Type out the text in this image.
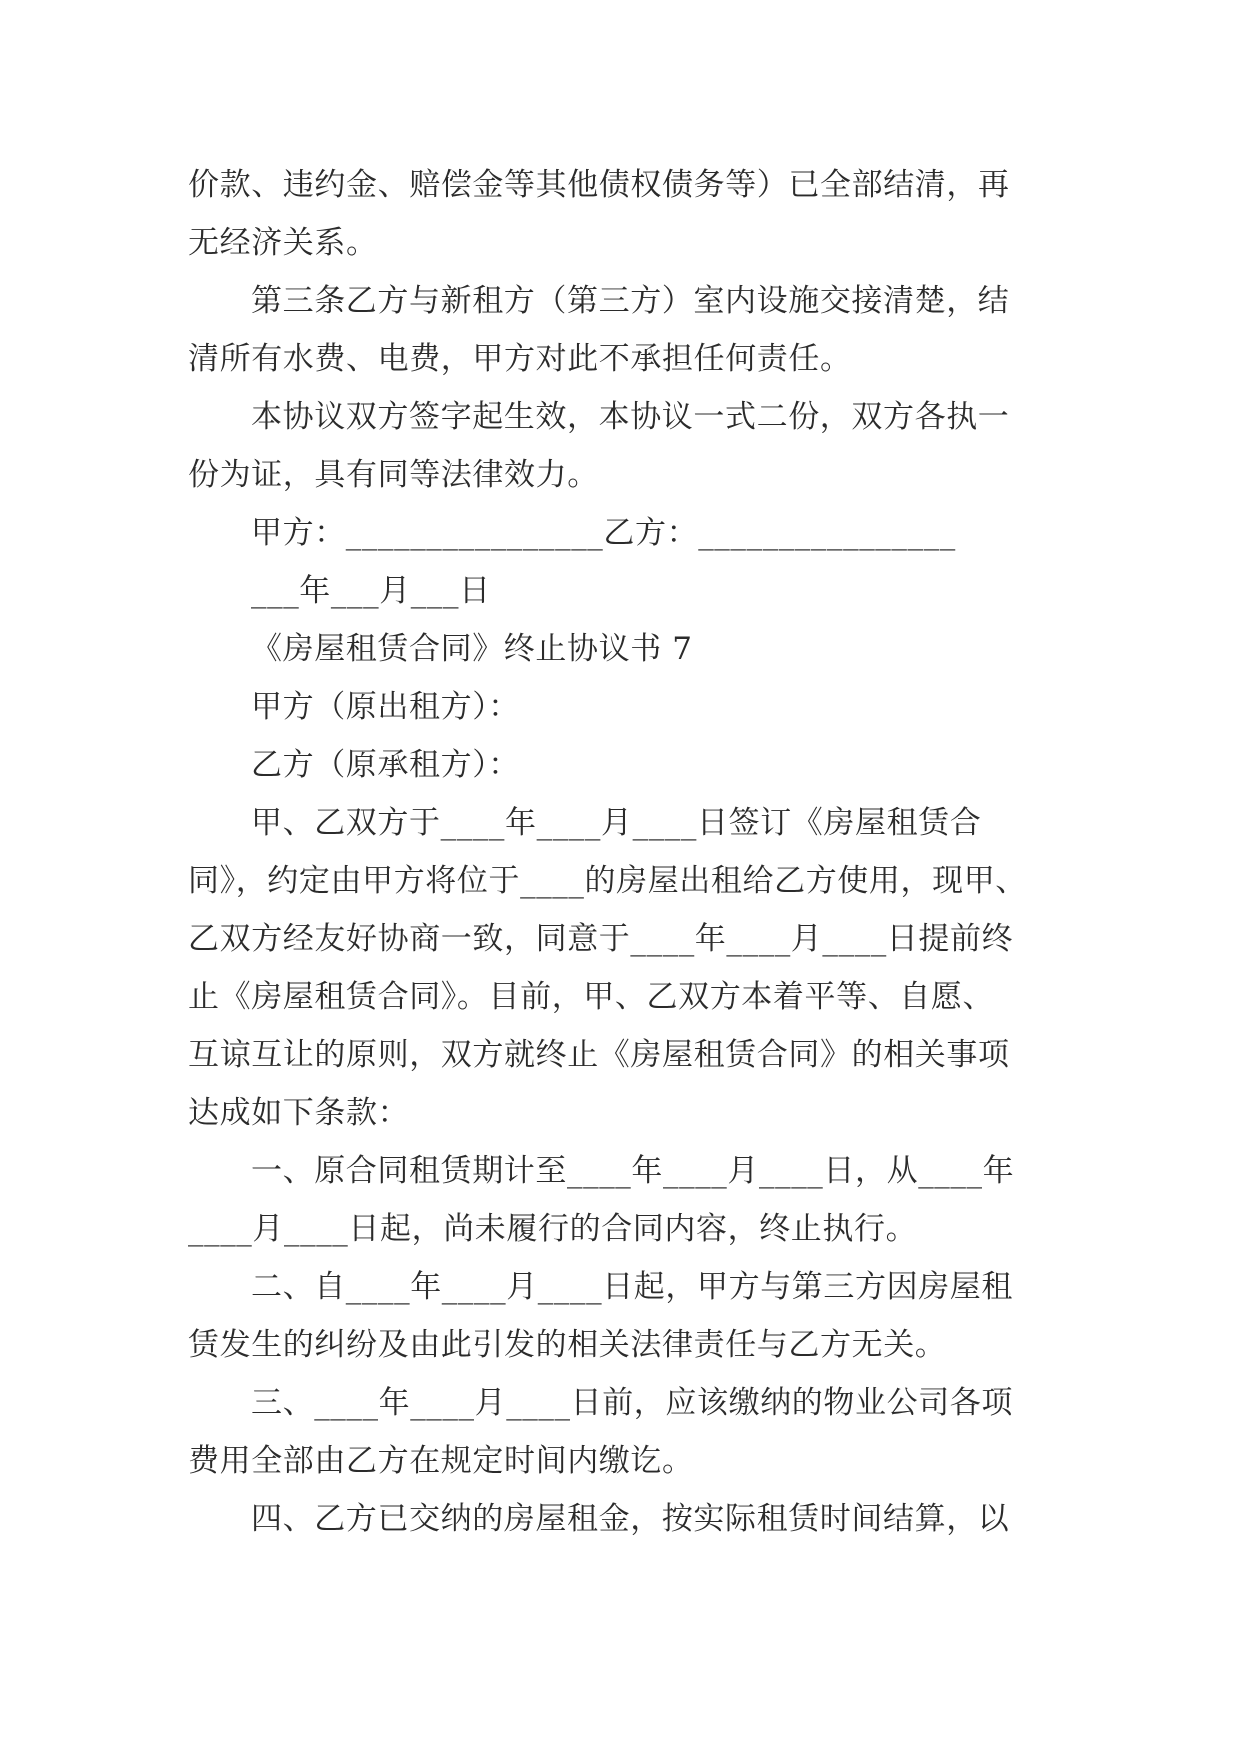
价款、违约金、赔偿金等其他债权债务等）已全部结清，再
无经济关系。
第三条乙方与新租方（第三方）室内设施交接清楚，结
清所有水费、电费，甲方对此不承担任何责任。
本协议双方签字起生效，本协议一式二份，双方各执一
份为证，具有同等法律效力。
甲方：________________乙方：________________
___年___月___日
《房屋租赁合同》终止协议书 7
甲方（原出租方）：
乙方（原承租方）：
甲、乙双方于____年____月____日签订《房屋租赁合
同》，约定由甲方将位于____的房屋出租给乙方使用，现甲、
乙双方经友好协商一致，同意于____年____月____日提前终
止《房屋租赁合同》。目前，甲、乙双方本着平等、自愿、
互谅互让的原则，双方就终止《房屋租赁合同》的相关事项
达成如下条款：
一、原合同租赁期计至____年____月____日，从____年
____月____日起，尚未履行的合同内容，终止执行。
二、自____年____月____日起，甲方与第三方因房屋租
赁发生的纠纷及由此引发的相关法律责任与乙方无关。
三、____年____月____日前，应该缴纳的物业公司各项
费用全部由乙方在规定时间内缴讫。
四、乙方已交纳的房屋租金，按实际租赁时间结算，以
